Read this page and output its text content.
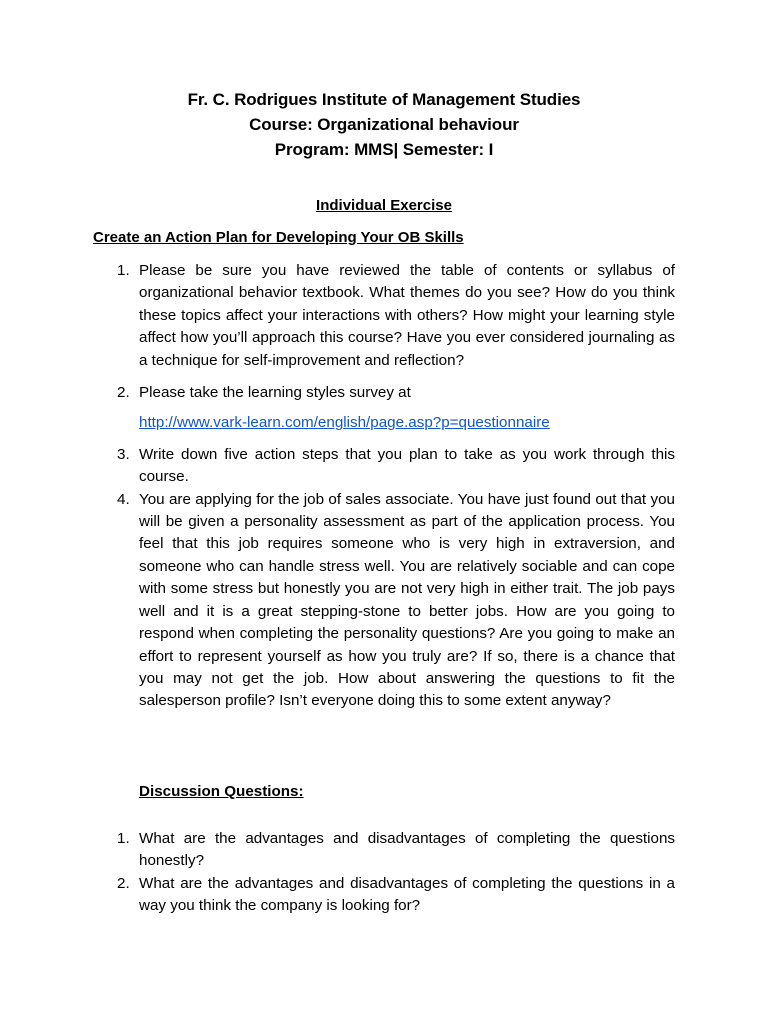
Fr. C. Rodrigues Institute of Management Studies
Course: Organizational behaviour
Program: MMS| Semester: I
Individual Exercise
Create an Action Plan for Developing Your OB Skills
1. Please be sure you have reviewed the table of contents or syllabus of organizational behavior textbook. What themes do you see? How do you think these topics affect your interactions with others? How might your learning style affect how you’ll approach this course? Have you ever considered journaling as a technique for self-improvement and reflection?
2. Please take the learning styles survey at
http://www.vark-learn.com/english/page.asp?p=questionnaire
3. Write down five action steps that you plan to take as you work through this course.
4. You are applying for the job of sales associate. You have just found out that you will be given a personality assessment as part of the application process. You feel that this job requires someone who is very high in extraversion, and someone who can handle stress well. You are relatively sociable and can cope with some stress but honestly you are not very high in either trait. The job pays well and it is a great stepping-stone to better jobs. How are you going to respond when completing the personality questions? Are you going to make an effort to represent yourself as how you truly are? If so, there is a chance that you may not get the job. How about answering the questions to fit the salesperson profile? Isn’t everyone doing this to some extent anyway?
Discussion Questions:
1. What are the advantages and disadvantages of completing the questions honestly?
2. What are the advantages and disadvantages of completing the questions in a way you think the company is looking for?
